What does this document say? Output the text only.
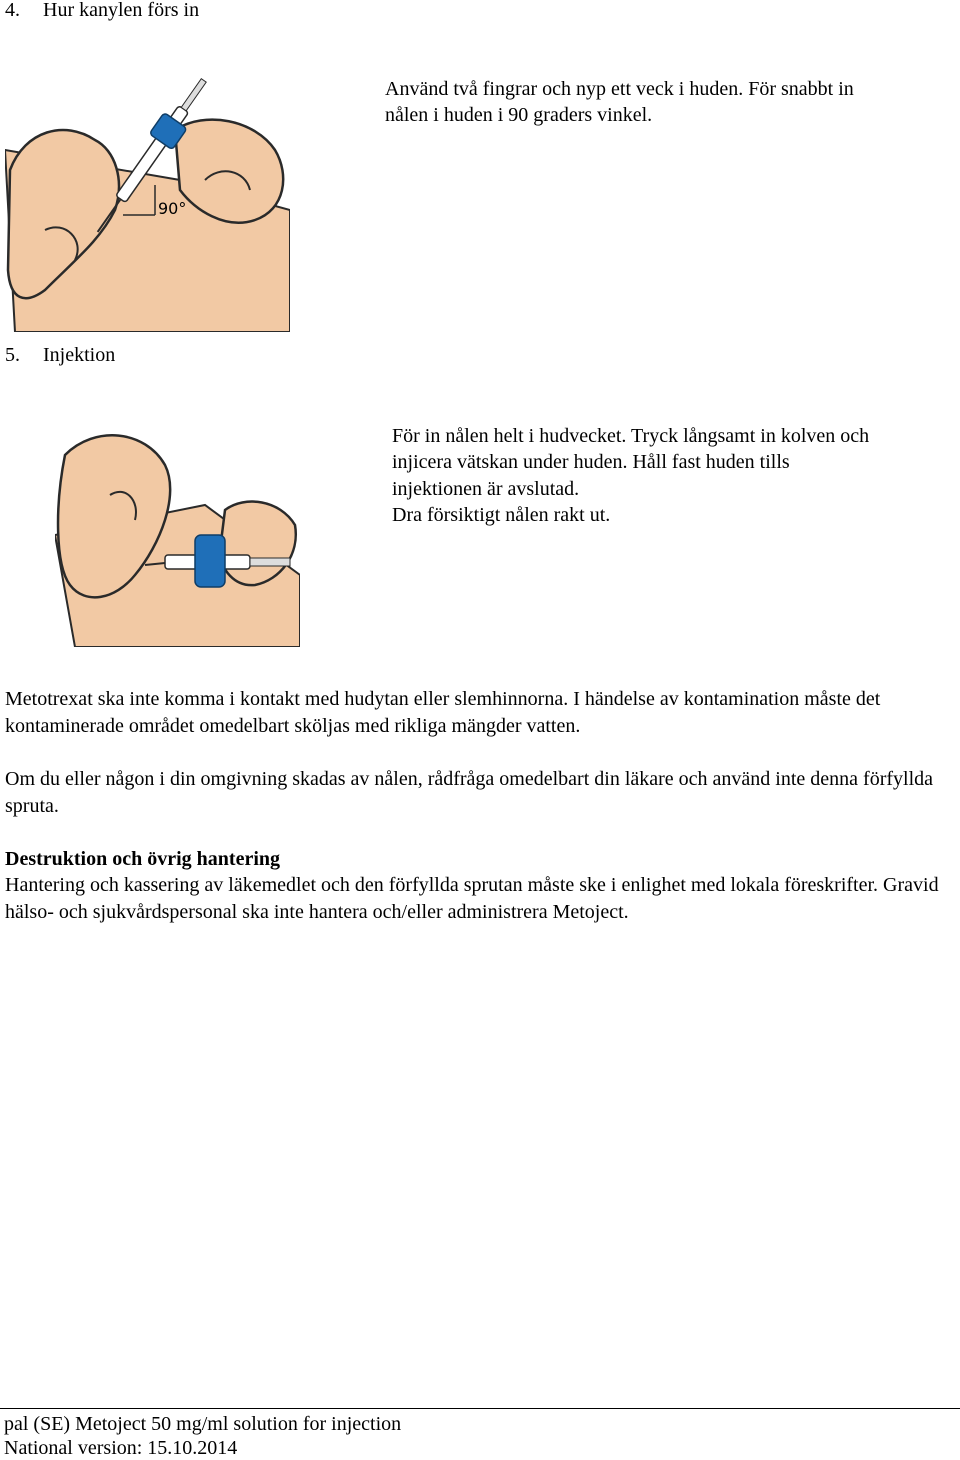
4. Hur kanylen förs in
90°
Använd två fingrar och nyp ett veck i huden. För snabbt in
nålen i huden i 90 graders vinkel.
5. Injektion
För in nålen helt i hudvecket. Tryck långsamt in kolven och
injicera vätskan under huden. Håll fast huden tills
injektionen är avslutad.
Dra försiktigt nålen rakt ut.
Metotrexat ska inte komma i kontakt med hudytan eller slemhinnorna. I händelse av kontamination måste det kontaminerade området omedelbart sköljas med rikliga mängder vatten.
Om du eller någon i din omgivning skadas av nålen, rådfråga omedelbart din läkare och använd inte denna förfyllda spruta.
Destruktion och övrig hantering
Hantering och kassering av läkemedlet och den förfyllda sprutan måste ske i enlighet med lokala föreskrifter. Gravid hälso- och sjukvårdspersonal ska inte hantera och/eller administrera Metoject.
pal (SE) Metoject 50 mg/ml solution for injection
National version: 15.10.2014
